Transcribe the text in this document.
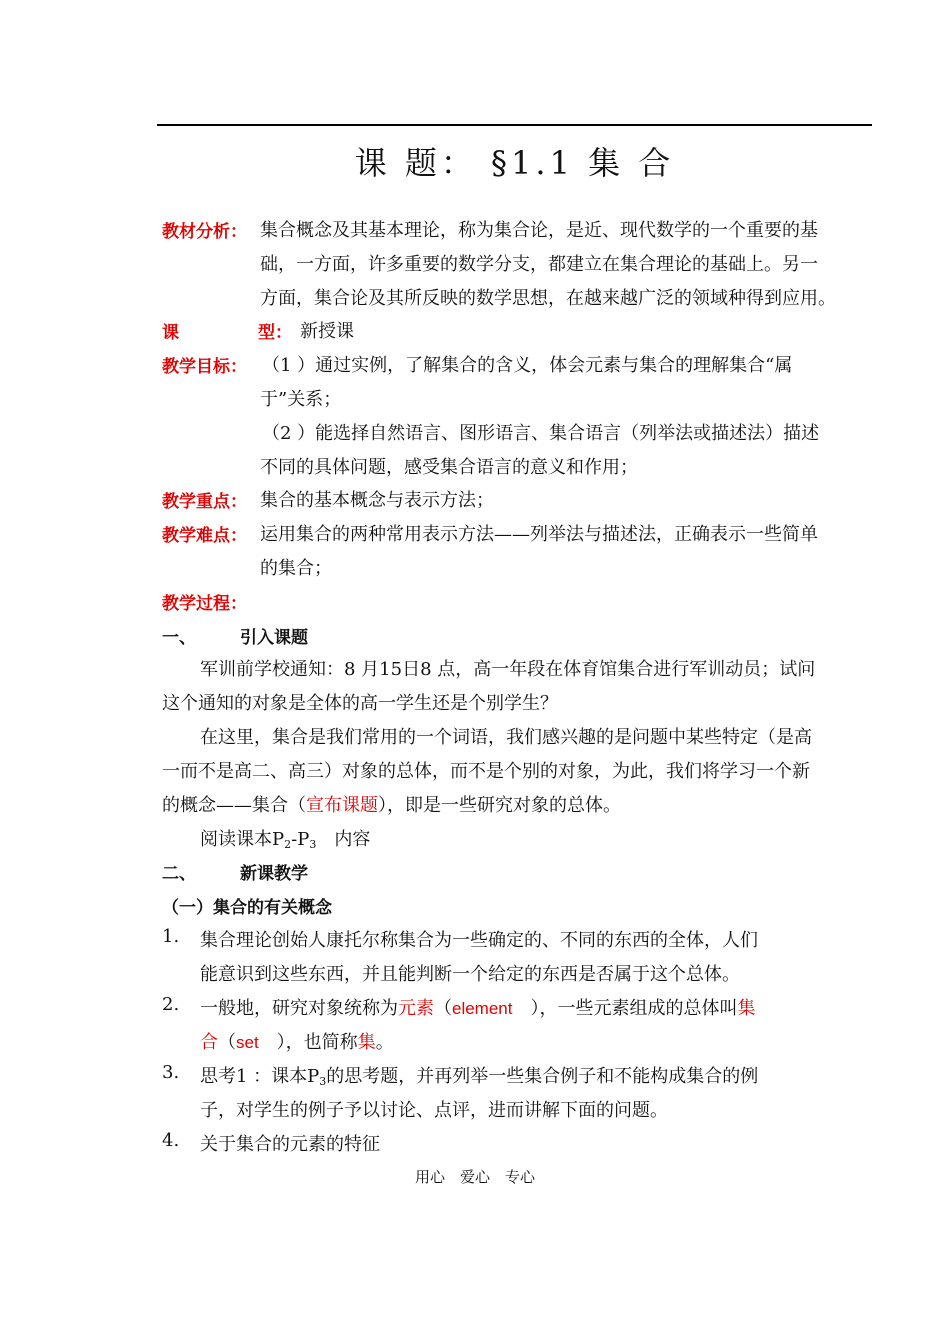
课 题： §1.1 集 合
教材分析： 集合概念及其基本理论，称为集合论，是近、现代数学的一个重要的基
础，一方面，许多重要的数学分支，都建立在集合理论的基础上。另一
方面，集合论及其所反映的数学思想，在越来越广泛的领域种得到应用。
课	型： 新授课
教学目标： （1 ）通过实例，了解集合的含义，体会元素与集合的理解集合“属
于”关系；
（2 ）能选择自然语言、图形语言、集合语言（列举法或描述法）描述
不同的具体问题，感受集合语言的意义和作用；
教学重点： 集合的基本概念与表示方法；
教学难点： 运用集合的两种常用表示方法——列举法与描述法，正确表示一些简单
的集合；
教学过程：
一、	引入课题
军训前学校通知：8 月15日8 点，高一年段在体育馆集合进行军训动员；试问
这个通知的对象是全体的高一学生还是个别学生？
在这里，集合是我们常用的一个词语，我们感兴趣的是问题中某些特定（是高
一而不是高二、高三）对象的总体，而不是个别的对象，为此，我们将学习一个新
的概念——集合（宣布课题），即是一些研究对象的总体。
阅读课本$P_2-P_3$　内容
二、	新课教学
（一）集合的有关概念
1. 集合理论创始人康托尔称集合为一些确定的、不同的东西的全体，人们
能意识到这些东西，并且能判断一个给定的东西是否属于这个总体。
2. 一般地，研究对象统称为元素（element　），一些元素组成的总体叫集
合（set　），也简称集。
3. 思考1 ：课本$P_3$的思考题，并再列举一些集合例子和不能构成集合的例
子，对学生的例子予以讨论、点评，进而讲解下面的问题。
4. 关于集合的元素的特征
用心　爱心　专心
